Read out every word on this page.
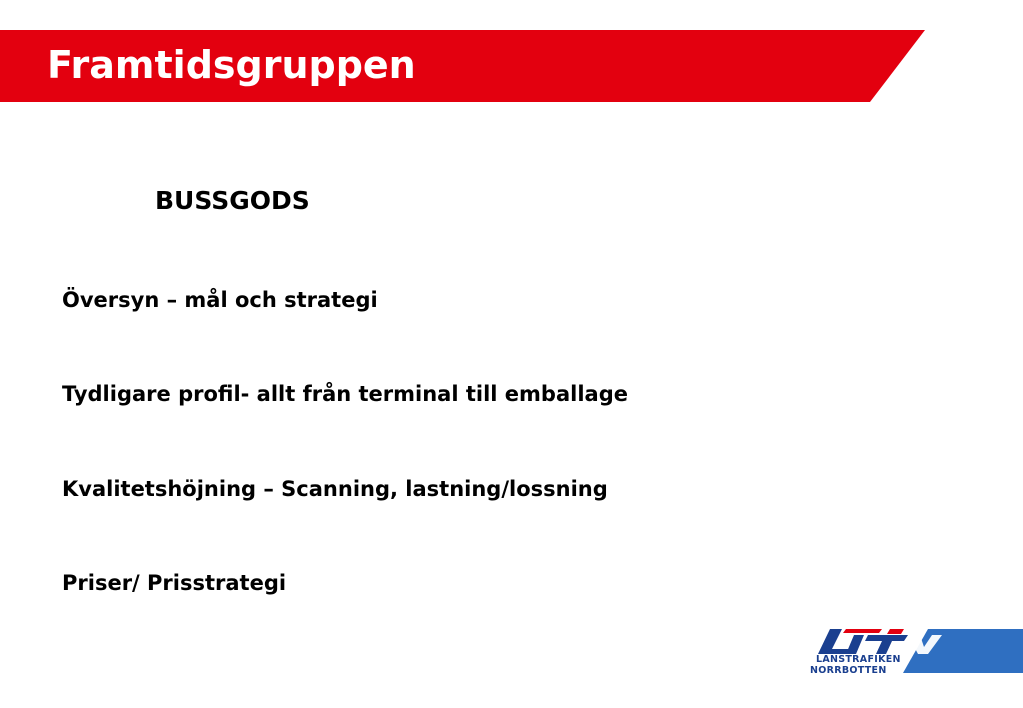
Framtidsgruppen
BUSSGODS
Översyn – mål och strategi
Tydligare profil- allt från terminal till emballage
Kvalitetshöjning – Scanning, lastning/lossning
Priser/ Prisstrategi
LÄNSTRAFIKEN
NORRBOTTEN
